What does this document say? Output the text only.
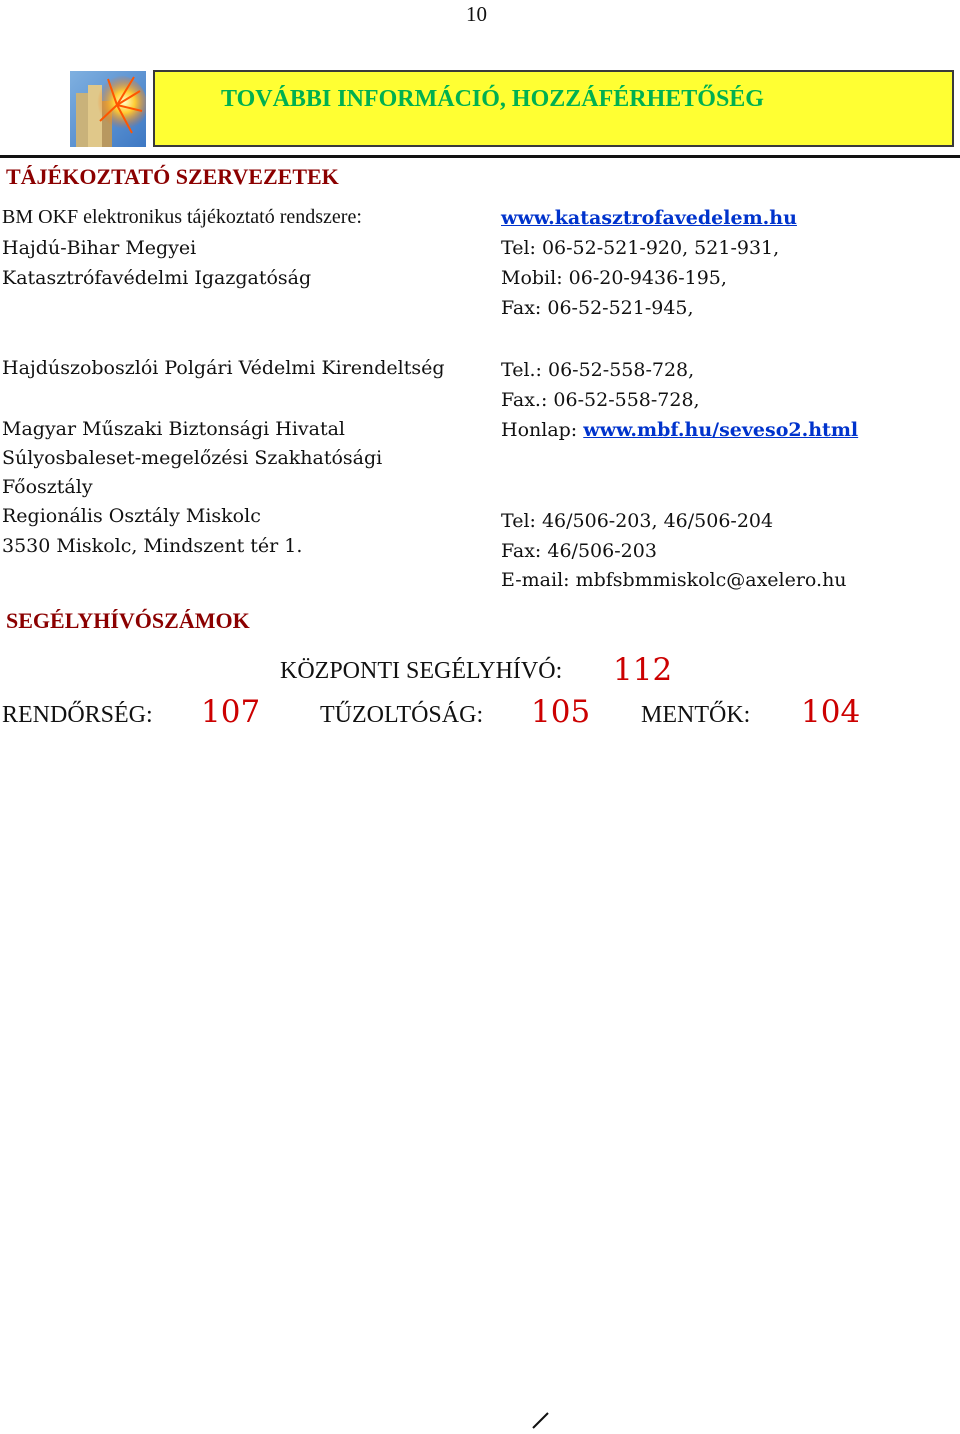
10
TOVÁBBI INFORMÁCIÓ, HOZZÁFÉRHETŐSÉG
TÁJÉKOZTATÓ SZERVEZETEK
BM OKF elektronikus tájékoztató rendszere:	www.katasztrofavedelem.hu
Hajdú-Bihar Megyei	Tel: 06-52-521-920, 521-931,
Katasztrófavédelmi Igazgatóság	Mobil: 06-20-9436-195,
Fax: 06-52-521-945,
Hajdúszoboszlói Polgári Védelmi Kirendeltség	Tel.: 06-52-558-728,
Fax.: 06-52-558-728,
Magyar Műszaki Biztonsági Hivatal	Honlap: www.mbf.hu/seveso2.html
Súlyosbaleset-megelőzési Szakhatósági
Főosztály
Regionális Osztály Miskolc	Tel: 46/506-203, 46/506-204
3530 Miskolc, Mindszent tér 1.	Fax: 46/506-203
E-mail: mbfsbmmiskolc@axelero.hu
SEGÉLYHÍVÓSZÁMOK
KÖZPONTI SEGÉLYHÍVÓ: 112
RENDŐRSÉG: 107 TŰZOLTÓSÁG: 105 MENTŐK: 104
